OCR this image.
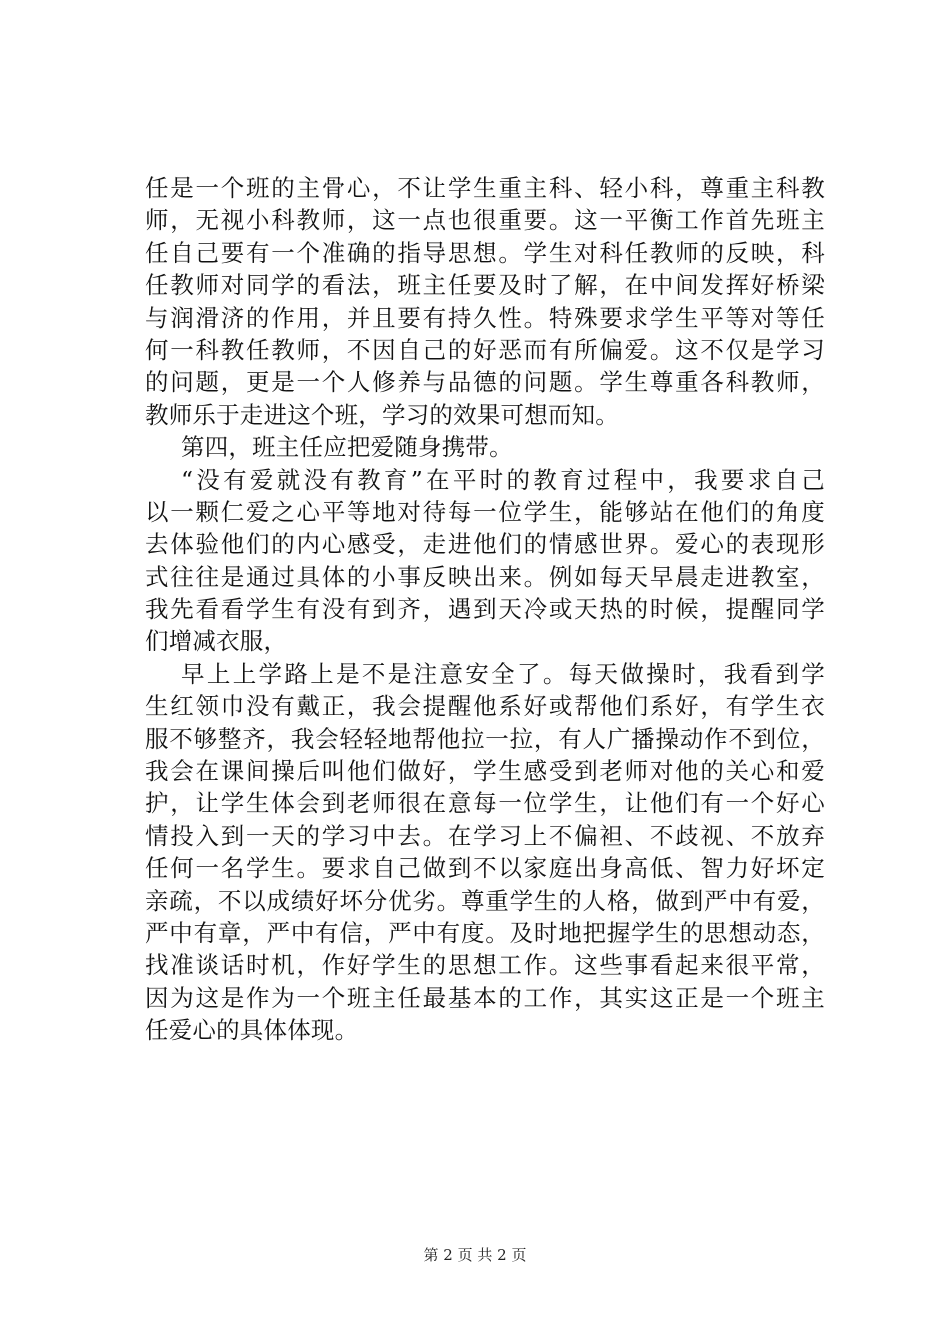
任是一个班的主骨心，不让学生重主科、轻小科，尊重主科教
师，无视小科教师，这一点也很重要。这一平衡工作首先班主
任自己要有一个准确的指导思想。学生对科任教师的反映，科
任教师对同学的看法，班主任要及时了解，在中间发挥好桥梁
与润滑济的作用，并且要有持久性。特殊要求学生平等对等任
何一科教任教师，不因自己的好恶而有所偏爱。这不仅是学习
的问题，更是一个人修养与品德的问题。学生尊重各科教师，
教师乐于走进这个班，学习的效果可想而知。
第四，班主任应把爱随身携带。
“没有爱就没有教育”在平时的教育过程中，我要求自己
以一颗仁爱之心平等地对待每一位学生，能够站在他们的角度
去体验他们的内心感受，走进他们的情感世界。爱心的表现形
式往往是通过具体的小事反映出来。例如每天早晨走进教室，
我先看看学生有没有到齐，遇到天冷或天热的时候，提醒同学
们增减衣服，
早上上学路上是不是注意安全了。每天做操时，我看到学
生红领巾没有戴正，我会提醒他系好或帮他们系好，有学生衣
服不够整齐，我会轻轻地帮他拉一拉，有人广播操动作不到位，
我会在课间操后叫他们做好，学生感受到老师对他的关心和爱
护，让学生体会到老师很在意每一位学生，让他们有一个好心
情投入到一天的学习中去。在学习上不偏袒、不歧视、不放弃
任何一名学生。要求自己做到不以家庭出身高低、智力好坏定
亲疏，不以成绩好坏分优劣。尊重学生的人格，做到严中有爱，
严中有章，严中有信，严中有度。及时地把握学生的思想动态，
找准谈话时机，作好学生的思想工作。这些事看起来很平常，
因为这是作为一个班主任最基本的工作，其实这正是一个班主
任爱心的具体体现。
第 2 页 共 2 页
